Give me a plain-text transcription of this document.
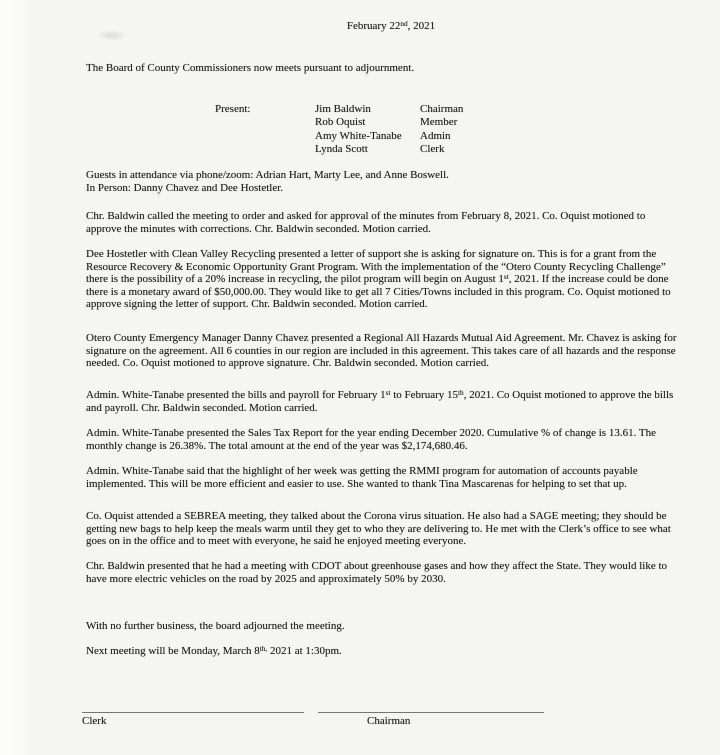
February 22nd, 2021
The Board of County Commissioners now meets pursuant to adjournment.
Present:	Jim Baldwin	Chairman
Rob Oquist	Member
Amy White-Tanabe	Admin
Lynda Scott	Clerk
Guests in attendance via phone/zoom: Adrian Hart, Marty Lee, and Anne Boswell.
In Person: Danny Chavez and Dee Hostetler.
Chr. Baldwin called the meeting to order and asked for approval of the minutes from February 8, 2021. Co. Oquist motioned to approve the minutes with corrections. Chr. Baldwin seconded. Motion carried.
Dee Hostetler with Clean Valley Recycling presented a letter of support she is asking for signature on. This is for a grant from the Resource Recovery & Economic Opportunity Grant Program. With the implementation of the “Otero County Recycling Challenge” there is the possibility of a 20% increase in recycling, the pilot program will begin on August 1st, 2021. If the increase could be done there is a monetary award of $50,000.00. They would like to get all 7 Cities/Towns included in this program. Co. Oquist motioned to approve signing the letter of support. Chr. Baldwin seconded. Motion carried.
Otero County Emergency Manager Danny Chavez presented a Regional All Hazards Mutual Aid Agreement. Mr. Chavez is asking for signature on the agreement. All 6 counties in our region are included in this agreement. This takes care of all hazards and the response needed. Co. Oquist motioned to approve signature. Chr. Baldwin seconded. Motion carried.
Admin. White-Tanabe presented the bills and payroll for February 1st to February 15th, 2021. Co Oquist motioned to approve the bills and payroll. Chr. Baldwin seconded. Motion carried.
Admin. White-Tanabe presented the Sales Tax Report for the year ending December 2020. Cumulative % of change is 13.61. The monthly change is 26.38%. The total amount at the end of the year was $2,174,680.46.
Admin. White-Tanabe said that the highlight of her week was getting the RMMI program for automation of accounts payable implemented. This will be more efficient and easier to use. She wanted to thank Tina Mascarenas for helping to set that up.
Co. Oquist attended a SEBREA meeting, they talked about the Corona virus situation. He also had a SAGE meeting; they should be getting new bags to help keep the meals warm until they get to who they are delivering to. He met with the Clerk’s office to see what goes on in the office and to meet with everyone, he said he enjoyed meeting everyone.
Chr. Baldwin presented that he had a meeting with CDOT about greenhouse gases and how they affect the State. They would like to have more electric vehicles on the road by 2025 and approximately 50% by 2030.
With no further business, the board adjourned the meeting.
Next meeting will be Monday, March $8^{th,}$ 2021 at 1:30pm.
Clerk	Chairman
